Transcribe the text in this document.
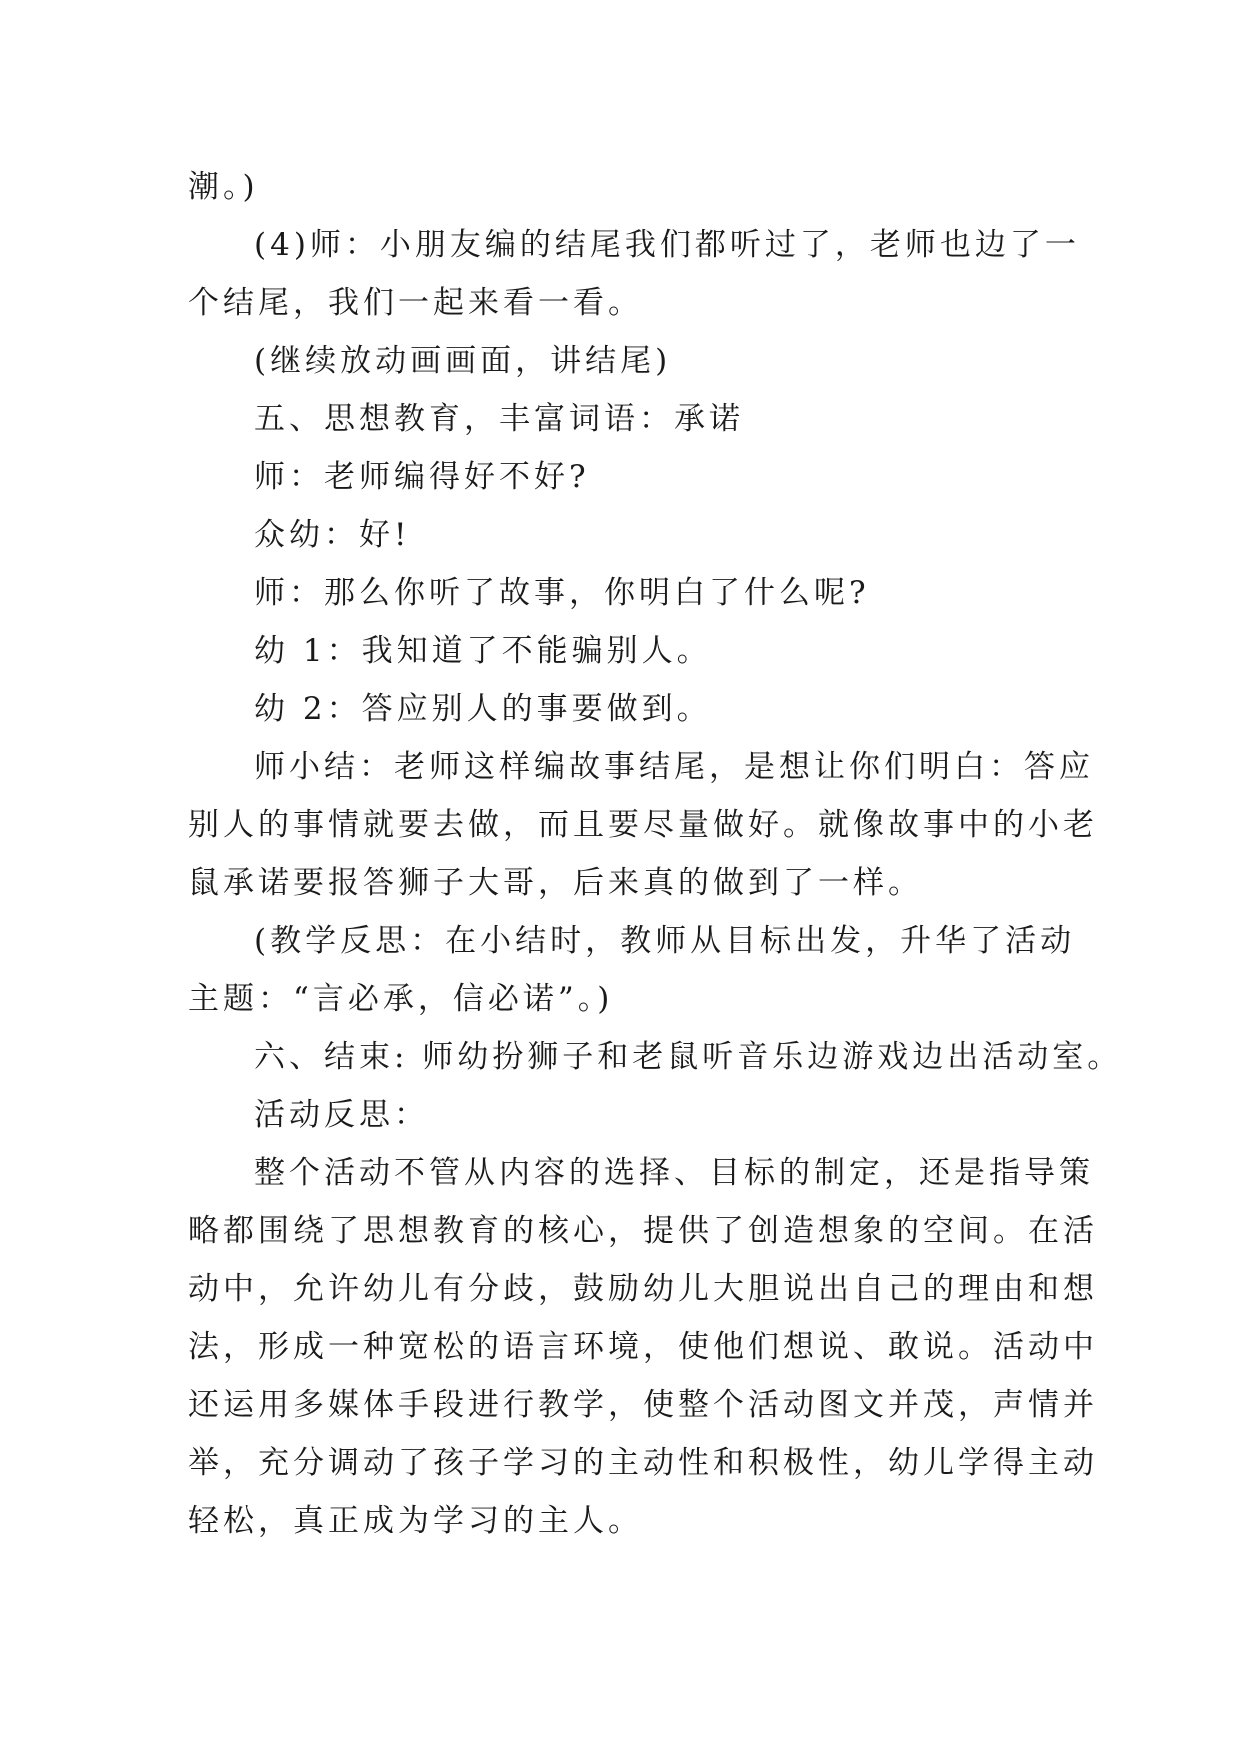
潮。)
(4)师：小朋友编的结尾我们都听过了，老师也边了一
个结尾，我们一起来看一看。
(继续放动画画面，讲结尾)
五、思想教育，丰富词语：承诺
师：老师编得好不好?
众幼：好!
师：那么你听了故事，你明白了什么呢?
幼 1：我知道了不能骗别人。
幼 2：答应别人的事要做到。
师小结：老师这样编故事结尾，是想让你们明白：答应
别人的事情就要去做，而且要尽量做好。就像故事中的小老
鼠承诺要报答狮子大哥，后来真的做到了一样。
(教学反思：在小结时，教师从目标出发，升华了活动
主题：“言必承，信必诺”。)
六、结束: 师幼扮狮子和老鼠听音乐边游戏边出活动室。
活动反思：
整个活动不管从内容的选择、目标的制定，还是指导策
略都围绕了思想教育的核心，提供了创造想象的空间。在活
动中，允许幼儿有分歧，鼓励幼儿大胆说出自己的理由和想
法，形成一种宽松的语言环境，使他们想说、敢说。活动中
还运用多媒体手段进行教学，使整个活动图文并茂，声情并
举，充分调动了孩子学习的主动性和积极性，幼儿学得主动
轻松，真正成为学习的主人。
